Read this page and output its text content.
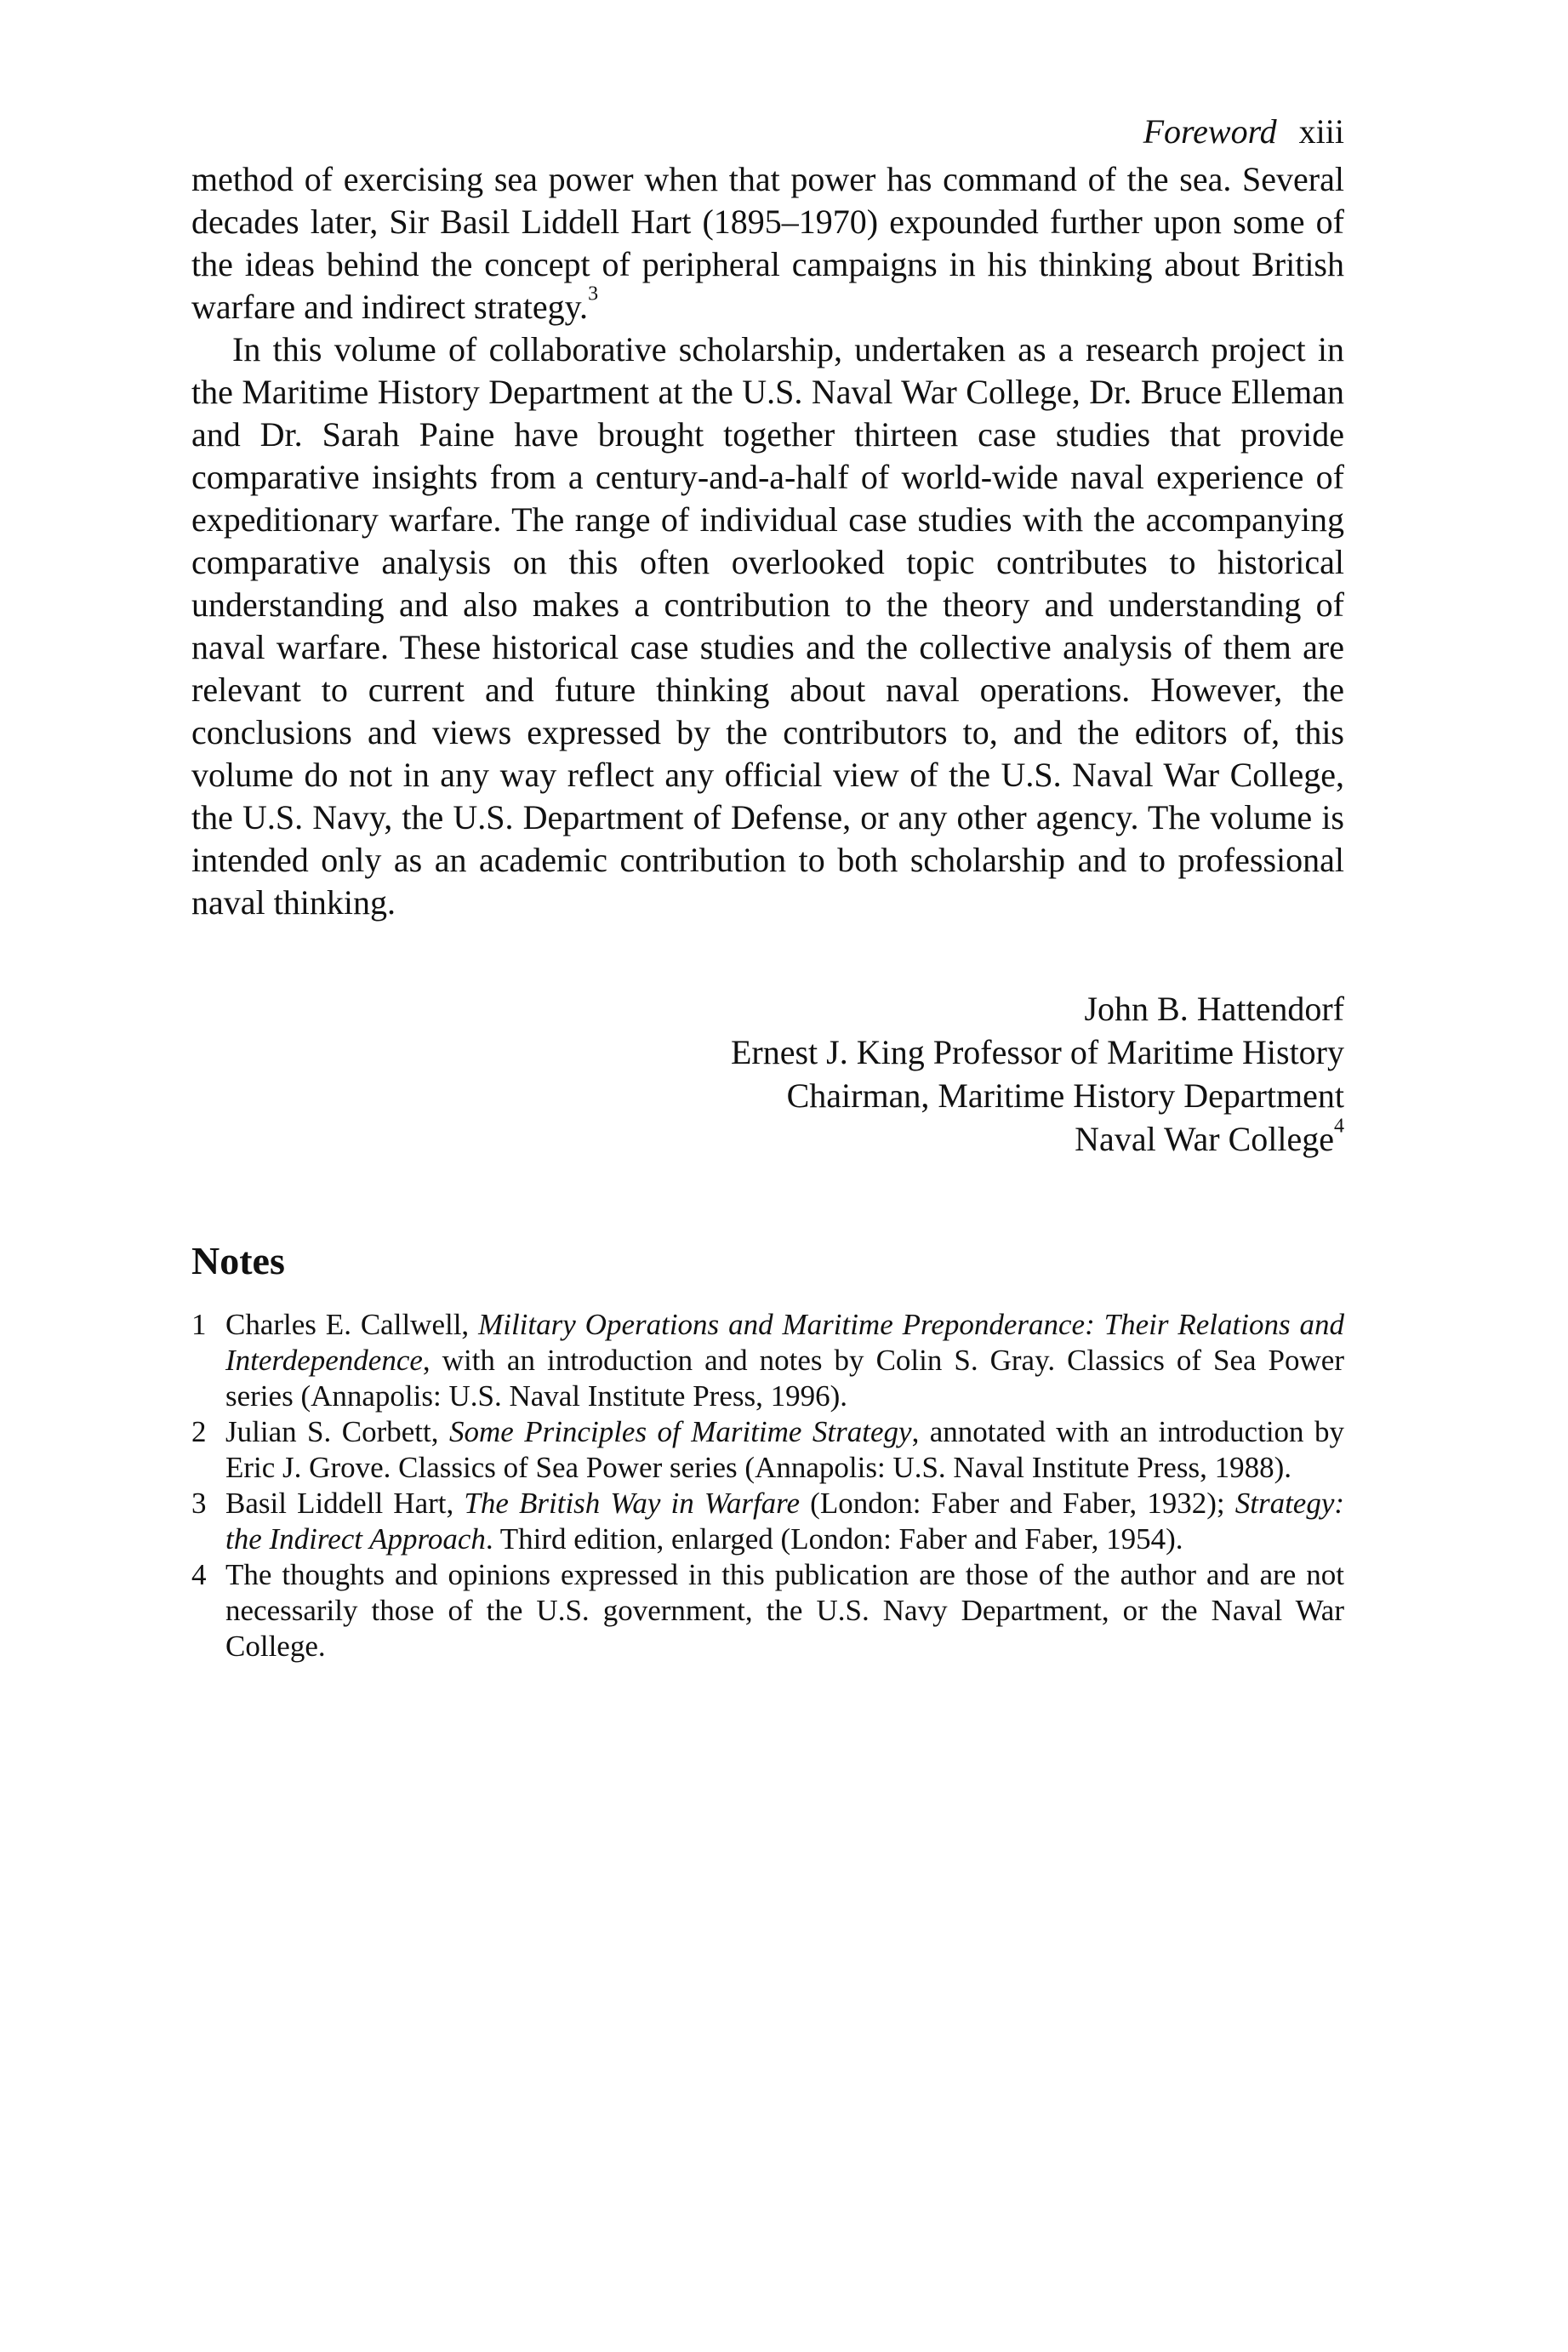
Foreword xiii

method of exercising sea power when that power has command of the sea. Several decades later, Sir Basil Liddell Hart (1895–1970) expounded further upon some of the ideas behind the concept of peripheral campaigns in his thinking about British warfare and indirect strategy.$^3$

In this volume of collaborative scholarship, undertaken as a research project in the Maritime History Department at the U.S. Naval War College, Dr. Bruce Elleman and Dr. Sarah Paine have brought together thirteen case studies that provide comparative insights from a century-and-a-half of world-wide naval experience of expeditionary warfare. The range of individual case studies with the accompanying comparative analysis on this often overlooked topic contributes to historical understanding and also makes a contribution to the theory and understanding of naval warfare. These historical case studies and the collective analysis of them are relevant to current and future thinking about naval operations. However, the conclusions and views expressed by the contributors to, and the editors of, this volume do not in any way reflect any official view of the U.S. Naval War College, the U.S. Navy, the U.S. Department of Defense, or any other agency. The volume is intended only as an academic contribution to both scholarship and to professional naval thinking.

John B. Hattendorf
Ernest J. King Professor of Maritime History
Chairman, Maritime History Department
Naval War College$^4$
Notes
1 Charles E. Callwell, Military Operations and Maritime Preponderance: Their Relations and Interdependence, with an introduction and notes by Colin S. Gray. Classics of Sea Power series (Annapolis: U.S. Naval Institute Press, 1996).
2 Julian S. Corbett, Some Principles of Maritime Strategy, annotated with an introduction by Eric J. Grove. Classics of Sea Power series (Annapolis: U.S. Naval Institute Press, 1988).
3 Basil Liddell Hart, The British Way in Warfare (London: Faber and Faber, 1932); Strategy: the Indirect Approach. Third edition, enlarged (London: Faber and Faber, 1954).
4 The thoughts and opinions expressed in this publication are those of the author and are not necessarily those of the U.S. government, the U.S. Navy Department, or the Naval War College.
